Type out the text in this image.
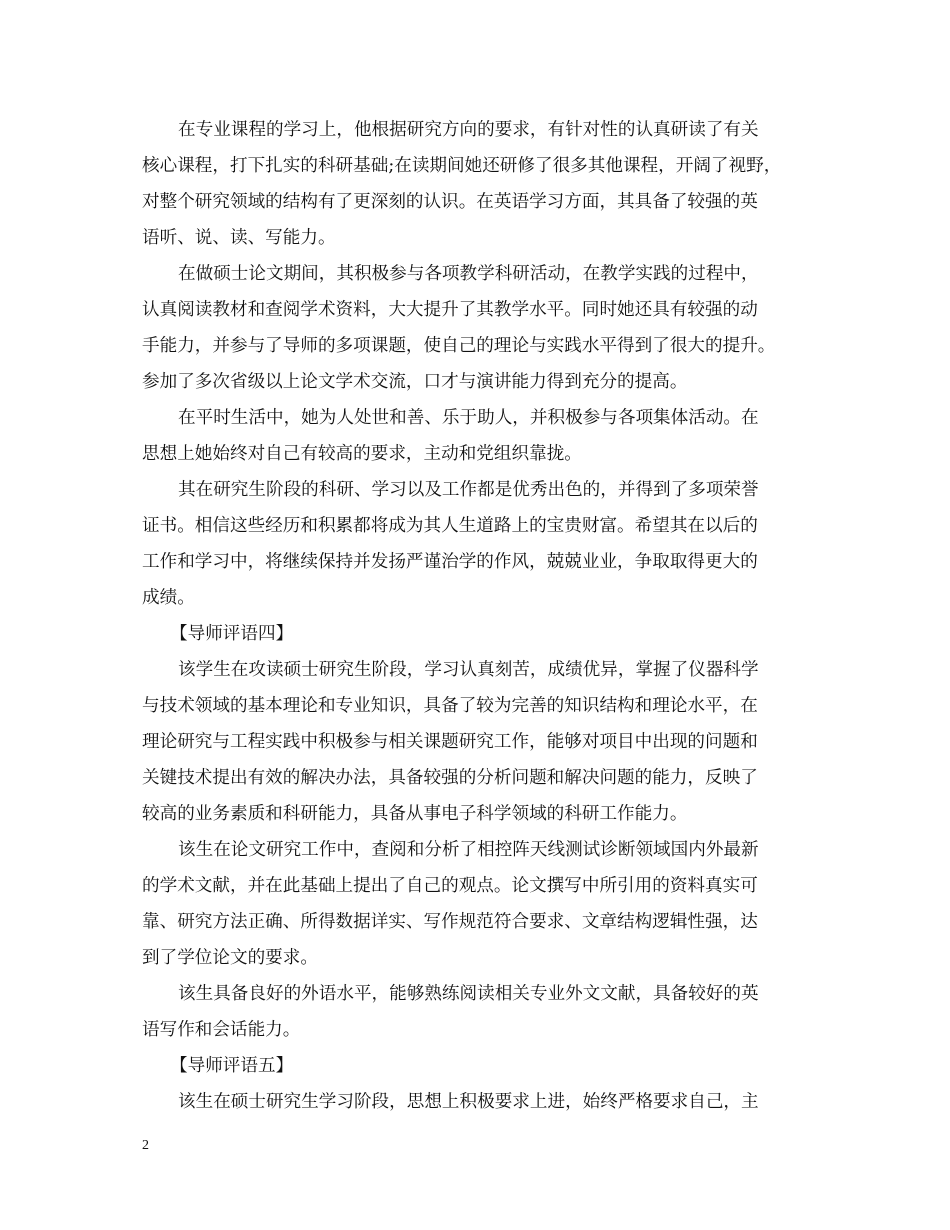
在专业课程的学习上，他根据研究方向的要求，有针对性的认真研读了有关
核心课程，打下扎实的科研基础;在读期间她还研修了很多其他课程，开阔了视野，
对整个研究领域的结构有了更深刻的认识。在英语学习方面，其具备了较强的英
语听、说、读、写能力。
在做硕士论文期间，其积极参与各项教学科研活动，在教学实践的过程中，
认真阅读教材和查阅学术资料，大大提升了其教学水平。同时她还具有较强的动
手能力，并参与了导师的多项课题，使自己的理论与实践水平得到了很大的提升。
参加了多次省级以上论文学术交流，口才与演讲能力得到充分的提高。
在平时生活中，她为人处世和善、乐于助人，并积极参与各项集体活动。在
思想上她始终对自己有较高的要求，主动和党组织靠拢。
其在研究生阶段的科研、学习以及工作都是优秀出色的，并得到了多项荣誉
证书。相信这些经历和积累都将成为其人生道路上的宝贵财富。希望其在以后的
工作和学习中，将继续保持并发扬严谨治学的作风，兢兢业业，争取取得更大的
成绩。
【导师评语四】
该学生在攻读硕士研究生阶段，学习认真刻苦，成绩优异，掌握了仪器科学
与技术领域的基本理论和专业知识，具备了较为完善的知识结构和理论水平，在
理论研究与工程实践中积极参与相关课题研究工作，能够对项目中出现的问题和
关键技术提出有效的解决办法，具备较强的分析问题和解决问题的能力，反映了
较高的业务素质和科研能力，具备从事电子科学领域的科研工作能力。
该生在论文研究工作中，查阅和分析了相控阵天线测试诊断领域国内外最新
的学术文献，并在此基础上提出了自己的观点。论文撰写中所引用的资料真实可
靠、研究方法正确、所得数据详实、写作规范符合要求、文章结构逻辑性强，达
到了学位论文的要求。
该生具备良好的外语水平，能够熟练阅读相关专业外文文献，具备较好的英
语写作和会话能力。
【导师评语五】
该生在硕士研究生学习阶段，思想上积极要求上进，始终严格要求自己，主
2
